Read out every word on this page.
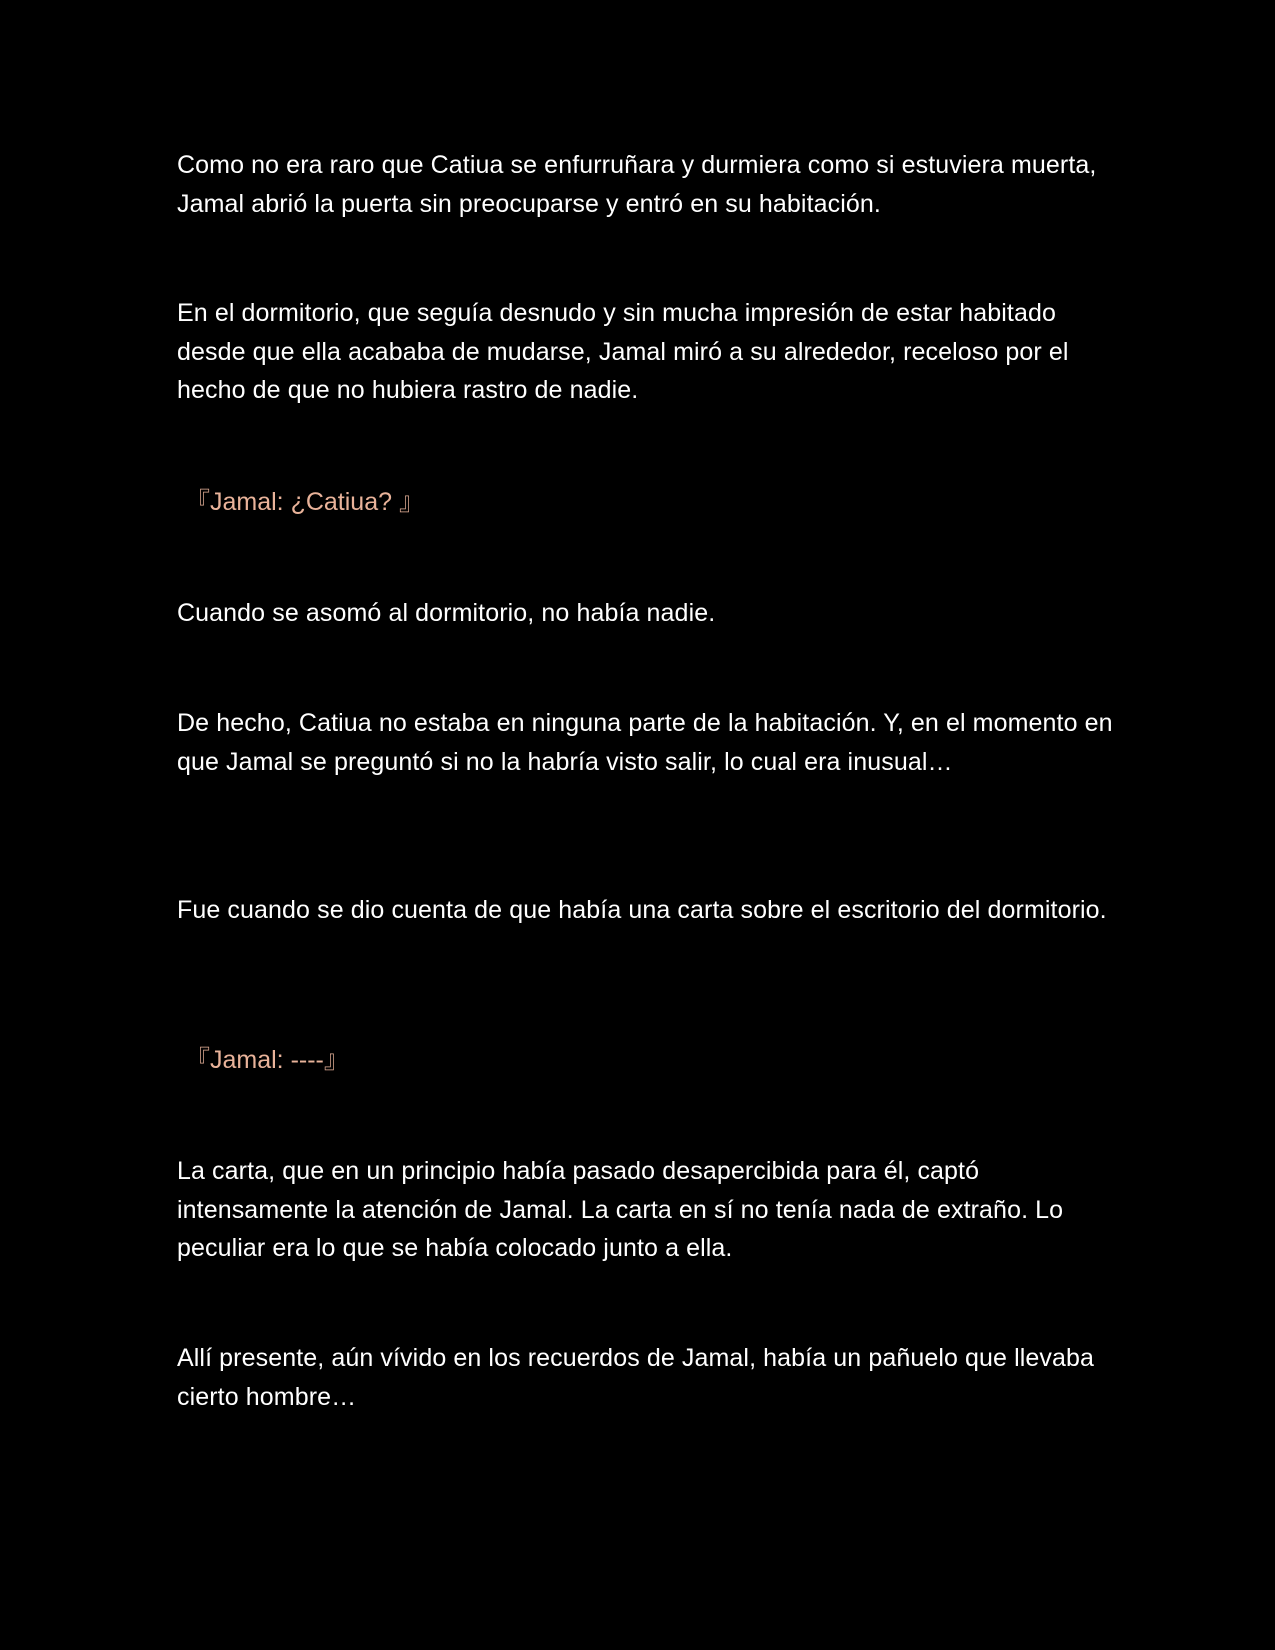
Como no era raro que Catiua se enfurruñara y durmiera como si estuviera muerta, Jamal abrió la puerta sin preocuparse y entró en su habitación.

En el dormitorio, que seguía desnudo y sin mucha impresión de estar habitado desde que ella acababa de mudarse, Jamal miró a su alrededor, receloso por el hecho de que no hubiera rastro de nadie.

『Jamal: ¿Catiua? 』

Cuando se asomó al dormitorio, no había nadie.

De hecho, Catiua no estaba en ninguna parte de la habitación. Y, en el momento en que Jamal se preguntó si no la habría visto salir, lo cual era inusual…

Fue cuando se dio cuenta de que había una carta sobre el escritorio del dormitorio.

『Jamal: ----』

La carta, que en un principio había pasado desapercibida para él, captó intensamente la atención de Jamal. La carta en sí no tenía nada de extraño. Lo peculiar era lo que se había colocado junto a ella.

Allí presente, aún vívido en los recuerdos de Jamal, había un pañuelo que llevaba cierto hombre…
